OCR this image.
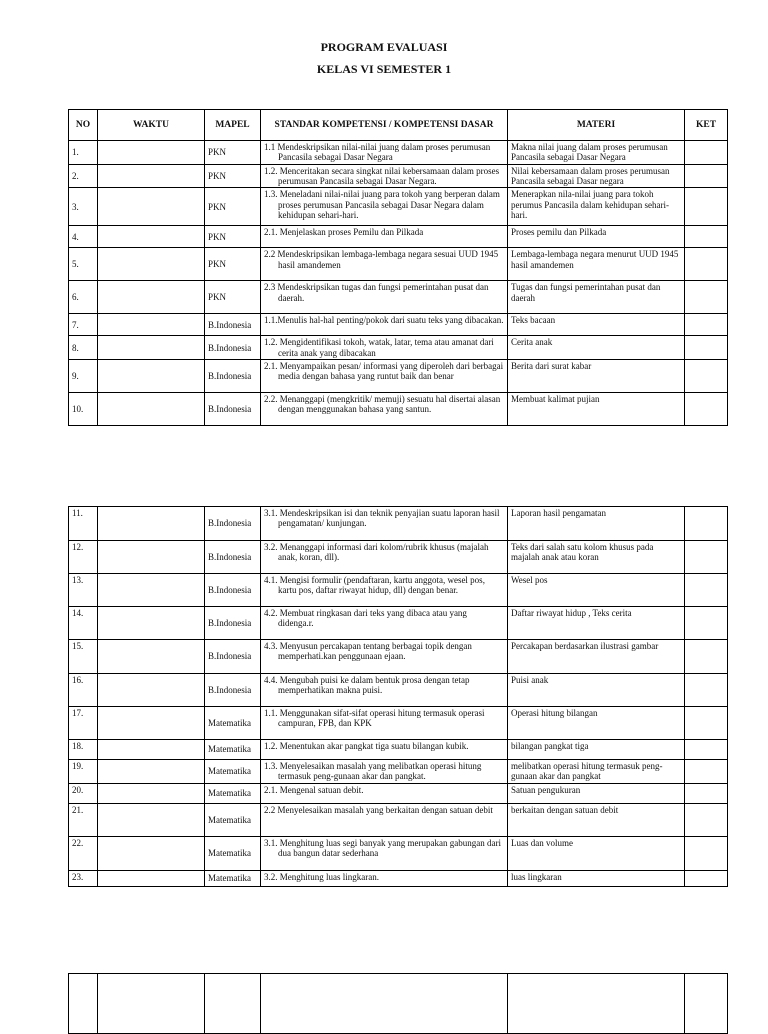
PROGRAM EVALUASI
KELAS VI SEMESTER 1
NO	WAKTU	MAPEL	STANDAR KOMPETENSI / KOMPETENSI DASAR	MATERI	KET
1.		PKN	1.1 Mendeskripsikan nilai-nilai juang dalam proses perumusan Pancasila sebagai Dasar Negara	Makna nilai juang dalam proses perumusan Pancasila sebagai Dasar Negara	
2.		PKN	1.2. Menceritakan secara singkat nilai kebersamaan dalam proses perumusan Pancasila sebagai Dasar Negara.	Nilai kebersamaan dalam proses perumusan Pancasila sebagai Dasar negara	
3.		PKN	1.3. Meneladani nilai-nilai juang para tokoh yang berperan dalam proses perumusan Pancasila sebagai Dasar Negara dalam kehidupan sehari-hari.	Menerapkan nila-nilai juang para tokoh perumus Pancasila dalam kehidupan sehari-hari.	
4.		PKN	2.1. Menjelaskan proses Pemilu dan Pilkada	Proses pemilu dan Pilkada	
5.		PKN	2.2 Mendeskripsikan lembaga-lembaga negara sesuai UUD 1945 hasil amandemen	Lembaga-lembaga negara menurut UUD 1945 hasil amandemen	
6.		PKN	2.3 Mendeskripsikan tugas dan fungsi pemerintahan pusat dan daerah.	Tugas dan fungsi pemerintahan pusat dan daerah	
7.		B.Indonesia	1.1.Menulis hal-hal penting/pokok dari suatu teks yang dibacakan.	Teks bacaan	
8.		B.Indonesia	1.2. Mengidentifikasi tokoh, watak, latar, tema atau amanat dari cerita anak yang dibacakan	Cerita anak	
9.		B.Indonesia	2.1. Menyampaikan pesan/ informasi yang diperoleh dari berbagai media dengan bahasa yang runtut baik dan benar	Berita dari surat kabar	
10.		B.Indonesia	2.2. Menanggapi (mengkritik/ memuji) sesuatu hal disertai alasan dengan menggunakan bahasa yang santun.	Membuat kalimat pujian	
11.		B.Indonesia	3.1. Mendeskripsikan isi dan teknik penyajian suatu laporan hasil pengamatan/ kunjungan.	Laporan hasil pengamatan	
12.		B.Indonesia	3.2. Menanggapi informasi dari kolom/rubrik khusus (majalah anak, koran, dll).	Teks dari salah satu kolom khusus pada majalah anak atau koran	
13.		B.Indonesia	4.1. Mengisi formulir (pendaftaran, kartu anggota, wesel pos, kartu pos, daftar riwayat hidup, dll) dengan benar.	Wesel pos	
14.		B.Indonesia	4.2. Membuat ringkasan dari teks yang dibaca atau yang didenga.r.	Daftar riwayat hidup , Teks cerita	
15.		B.Indonesia	4.3. Menyusun percakapan tentang berbagai topik dengan memperhati.kan penggunaan ejaan.	Percakapan berdasarkan ilustrasi gambar	
16.		B.Indonesia	4.4. Mengubah puisi ke dalam bentuk prosa dengan tetap memperhatikan makna puisi.	Puisi anak	
17.		Matematika	1.1. Menggunakan sifat-sifat operasi hitung termasuk operasi campuran, FPB, dan KPK	Operasi hitung bilangan	
18.		Matematika	1.2. Menentukan akar pangkat tiga suatu bilangan kubik.	bilangan pangkat tiga	
19.		Matematika	1.3. Menyelesaikan masalah yang melibatkan operasi hitung termasuk peng-gunaan akar dan pangkat.	melibatkan operasi hitung termasuk peng-gunaan akar dan pangkat	
20.		Matematika	2.1. Mengenal satuan debit.	Satuan pengukuran	
21.		Matematika	2.2 Menyelesaikan masalah yang berkaitan dengan satuan debit	berkaitan dengan satuan debit	
22.		Matematika	3.1. Menghitung luas segi banyak yang merupakan gabungan dari dua bangun datar sederhana	Luas dan volume	
23.		Matematika	3.2. Menghitung luas lingkaran.	luas lingkaran	
